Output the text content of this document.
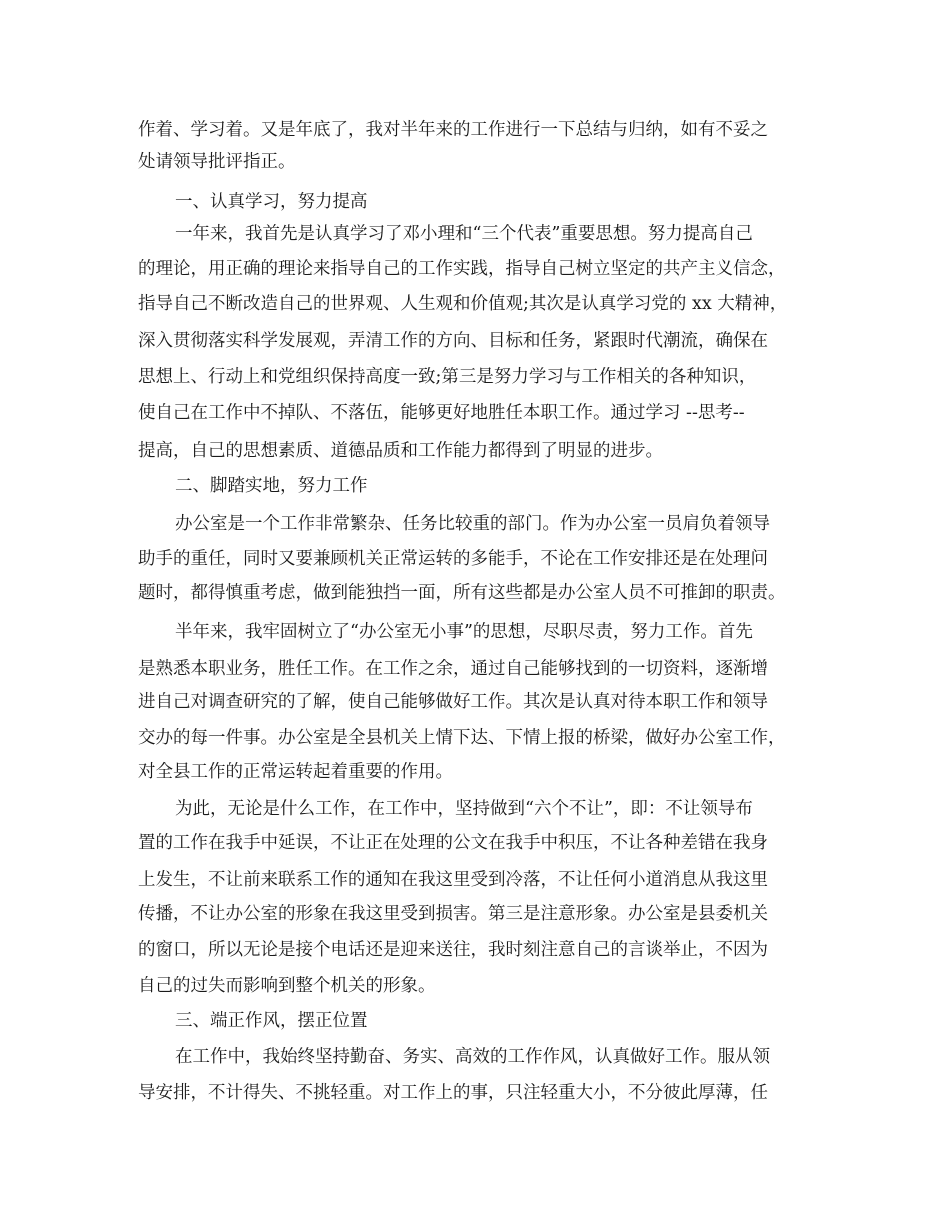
作着、学习着。又是年底了，我对半年来的工作进行一下总结与归纳，如有不妥之
处请领导批评指正。
一、认真学习，努力提高
一年来，我首先是认真学习了邓小理和“三个代表”重要思想。努力提高自己
的理论，用正确的理论来指导自己的工作实践，指导自己树立坚定的共产主义信念，
指导自己不断改造自己的世界观、人生观和价值观;其次是认真学习党的 xx 大精神，
深入贯彻落实科学发展观，弄清工作的方向、目标和任务，紧跟时代潮流，确保在
思想上、行动上和党组织保持高度一致;第三是努力学习与工作相关的各种知识，
使自己在工作中不掉队、不落伍，能够更好地胜任本职工作。通过学习 --思考--
提高，自己的思想素质、道德品质和工作能力都得到了明显的进步。
二、脚踏实地，努力工作
办公室是一个工作非常繁杂、任务比较重的部门。作为办公室一员肩负着领导
助手的重任，同时又要兼顾机关正常运转的多能手，不论在工作安排还是在处理问
题时，都得慎重考虑，做到能独挡一面，所有这些都是办公室人员不可推卸的职责。
半年来，我牢固树立了“办公室无小事”的思想，尽职尽责，努力工作。首先
是熟悉本职业务，胜任工作。在工作之余，通过自己能够找到的一切资料，逐渐增
进自己对调查研究的了解，使自己能够做好工作。其次是认真对待本职工作和领导
交办的每一件事。办公室是全县机关上情下达、下情上报的桥梁，做好办公室工作，
对全县工作的正常运转起着重要的作用。
为此，无论是什么工作，在工作中，坚持做到“六个不让”，即：不让领导布
置的工作在我手中延误，不让正在处理的公文在我手中积压，不让各种差错在我身
上发生，不让前来联系工作的通知在我这里受到冷落，不让任何小道消息从我这里
传播，不让办公室的形象在我这里受到损害。第三是注意形象。办公室是县委机关
的窗口，所以无论是接个电话还是迎来送往，我时刻注意自己的言谈举止，不因为
自己的过失而影响到整个机关的形象。
三、端正作风，摆正位置
在工作中，我始终坚持勤奋、务实、高效的工作作风，认真做好工作。服从领
导安排，不计得失、不挑轻重。对工作上的事，只注轻重大小，不分彼此厚薄，任
